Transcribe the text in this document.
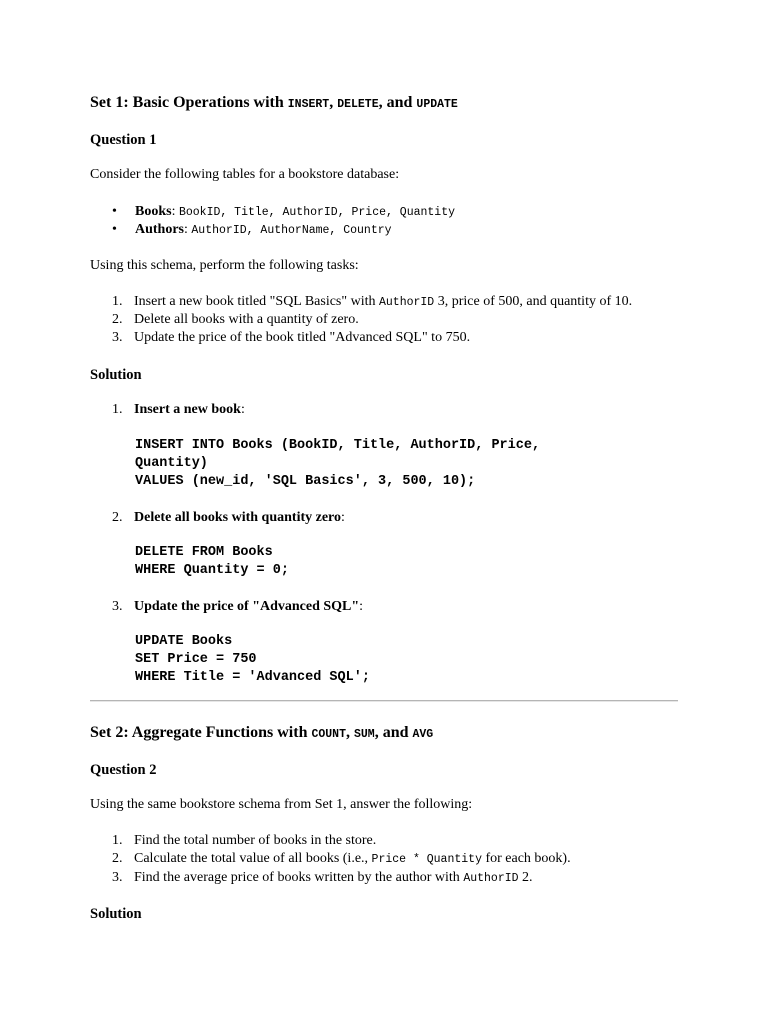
Set 1: Basic Operations with INSERT, DELETE, and UPDATE
Question 1
Consider the following tables for a bookstore database:
• Books: BookID, Title, AuthorID, Price, Quantity
• Authors: AuthorID, AuthorName, Country
Using this schema, perform the following tasks:
1. Insert a new book titled "SQL Basics" with AuthorID 3, price of 500, and quantity of 10.
2. Delete all books with a quantity of zero.
3. Update the price of the book titled "Advanced SQL" to 750.
Solution
1. Insert a new book:
INSERT INTO Books (BookID, Title, AuthorID, Price,
Quantity)
VALUES (new_id, 'SQL Basics', 3, 500, 10);
2. Delete all books with quantity zero:
DELETE FROM Books
WHERE Quantity = 0;
3. Update the price of "Advanced SQL":
UPDATE Books
SET Price = 750
WHERE Title = 'Advanced SQL';
Set 2: Aggregate Functions with COUNT, SUM, and AVG
Question 2
Using the same bookstore schema from Set 1, answer the following:
1. Find the total number of books in the store.
2. Calculate the total value of all books (i.e., Price * Quantity for each book).
3. Find the average price of books written by the author with AuthorID 2.
Solution
